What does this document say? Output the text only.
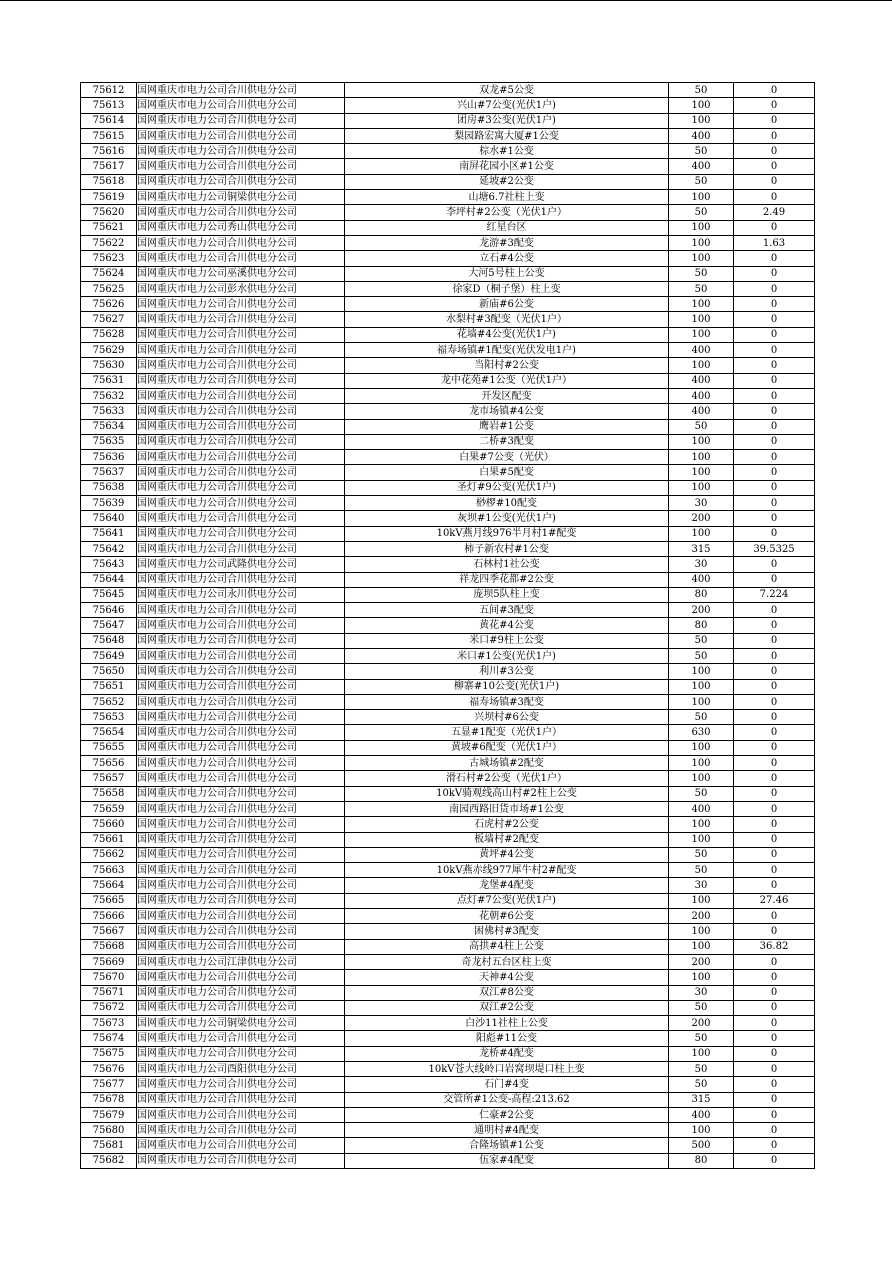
75612	国网重庆市电力公司合川供电分公司	双龙#5公变	50	0
75613	国网重庆市电力公司合川供电分公司	兴山#7公变(光伏1户)	100	0
75614	国网重庆市电力公司合川供电分公司	团房#3公变(光伏1户)	100	0
75615	国网重庆市电力公司合川供电分公司	梨园路宏寓大厦#1公变	400	0
75616	国网重庆市电力公司合川供电分公司	棕水#1公变	50	0
75617	国网重庆市电力公司合川供电分公司	南屏花园小区#1公变	400	0
75618	国网重庆市电力公司合川供电分公司	延坡#2公变	50	0
75619	国网重庆市电力公司铜梁供电分公司	山塘6.7社柱上变	100	0
75620	国网重庆市电力公司合川供电分公司	李坪村#2公变（光伏1户）	50	2.49
75621	国网重庆市电力公司秀山供电分公司	红星台区	100	0
75622	国网重庆市电力公司合川供电分公司	龙游#3配变	100	1.63
75623	国网重庆市电力公司合川供电分公司	立石#4公变	100	0
75624	国网重庆市电力公司巫溪供电分公司	大河5号柱上公变	50	0
75625	国网重庆市电力公司彭水供电分公司	徐家D（桐子堡）柱上变	50	0
75626	国网重庆市电力公司合川供电分公司	新庙#6公变	100	0
75627	国网重庆市电力公司合川供电分公司	水梨村#3配变（光伏1户）	100	0
75628	国网重庆市电力公司合川供电分公司	花墙#4公变(光伏1户)	100	0
75629	国网重庆市电力公司合川供电分公司	福寿场镇#1配变(光伏发电1户)	400	0
75630	国网重庆市电力公司合川供电分公司	当阳村#2公变	100	0
75631	国网重庆市电力公司合川供电分公司	龙中花苑#1公变（光伏1户）	400	0
75632	国网重庆市电力公司合川供电分公司	开发区配变	400	0
75633	国网重庆市电力公司合川供电分公司	龙市场镇#4公变	400	0
75634	国网重庆市电力公司合川供电分公司	鹰岩#1公变	50	0
75635	国网重庆市电力公司合川供电分公司	二桥#3配变	100	0
75636	国网重庆市电力公司合川供电分公司	白果#7公变（光伏）	100	0
75637	国网重庆市电力公司合川供电分公司	白果#5配变	100	0
75638	国网重庆市电力公司合川供电分公司	圣灯#9公变(光伏1户)	100	0
75639	国网重庆市电力公司合川供电分公司	桫椤#10配变	30	0
75640	国网重庆市电力公司合川供电分公司	灰坝#1公变(光伏1户)	200	0
75641	国网重庆市电力公司合川供电分公司	10kV燕月线976半月村1#配变	100	0
75642	国网重庆市电力公司合川供电分公司	柿子新农村#1公变	315	39.5325
75643	国网重庆市电力公司武隆供电分公司	石林村1社公变	30	0
75644	国网重庆市电力公司合川供电分公司	祥龙四季花都#2公变	400	0
75645	国网重庆市电力公司永川供电分公司	庞坝5队柱上变	80	7.224
75646	国网重庆市电力公司合川供电分公司	五间#3配变	200	0
75647	国网重庆市电力公司合川供电分公司	黄花#4公变	80	0
75648	国网重庆市电力公司合川供电分公司	米口#9柱上公变	50	0
75649	国网重庆市电力公司合川供电分公司	米口#1公变(光伏1户)	50	0
75650	国网重庆市电力公司合川供电分公司	利川#3公变	100	0
75651	国网重庆市电力公司合川供电分公司	柳寨#10公变(光伏1户)	100	0
75652	国网重庆市电力公司合川供电分公司	福寿场镇#3配变	100	0
75653	国网重庆市电力公司合川供电分公司	兴坝村#6公变	50	0
75654	国网重庆市电力公司合川供电分公司	五显#1配变（光伏1户）	630	0
75655	国网重庆市电力公司合川供电分公司	黄坡#6配变（光伏1户）	100	0
75656	国网重庆市电力公司合川供电分公司	古城场镇#2配变	100	0
75657	国网重庆市电力公司合川供电分公司	滑石村#2公变（光伏1户）	100	0
75658	国网重庆市电力公司合川供电分公司	10kV骑观线高山村#2柱上公变	50	0
75659	国网重庆市电力公司合川供电分公司	南园西路旧货市场#1公变	400	0
75660	国网重庆市电力公司合川供电分公司	石虎村#2公变	100	0
75661	国网重庆市电力公司合川供电分公司	板墙村#2配变	100	0
75662	国网重庆市电力公司合川供电分公司	黄坪#4公变	50	0
75663	国网重庆市电力公司合川供电分公司	10kV燕赤线977犀牛村2#配变	50	0
75664	国网重庆市电力公司合川供电分公司	龙堡#4配变	30	0
75665	国网重庆市电力公司合川供电分公司	点灯#7公变(光伏1户)	100	27.46
75666	国网重庆市电力公司合川供电分公司	花朝#6公变	200	0
75667	国网重庆市电力公司合川供电分公司	困佛村#3配变	100	0
75668	国网重庆市电力公司合川供电分公司	高拱#4柱上公变	100	36.82
75669	国网重庆市电力公司江津供电分公司	奇龙村五台区柱上变	200	0
75670	国网重庆市电力公司合川供电分公司	天神#4公变	100	0
75671	国网重庆市电力公司合川供电分公司	双江#8公变	30	0
75672	国网重庆市电力公司合川供电分公司	双江#2公变	50	0
75673	国网重庆市电力公司铜梁供电分公司	白沙11社柱上公变	200	0
75674	国网重庆市电力公司合川供电分公司	阳彪#11公变	50	0
75675	国网重庆市电力公司合川供电分公司	龙桥#4配变	100	0
75676	国网重庆市电力公司酉阳供电分公司	10kV苍大线岭口岩窝坝堤口柱上变	50	0
75677	国网重庆市电力公司合川供电分公司	石门#4变	50	0
75678	国网重庆市电力公司合川供电分公司	交管所#1公变-高程:213.62	315	0
75679	国网重庆市电力公司合川供电分公司	仁豪#2公变	400	0
75680	国网重庆市电力公司合川供电分公司	通明村#4配变	100	0
75681	国网重庆市电力公司合川供电分公司	合隆场镇#1公变	500	0
75682	国网重庆市电力公司合川供电分公司	伍家#4配变	80	0
